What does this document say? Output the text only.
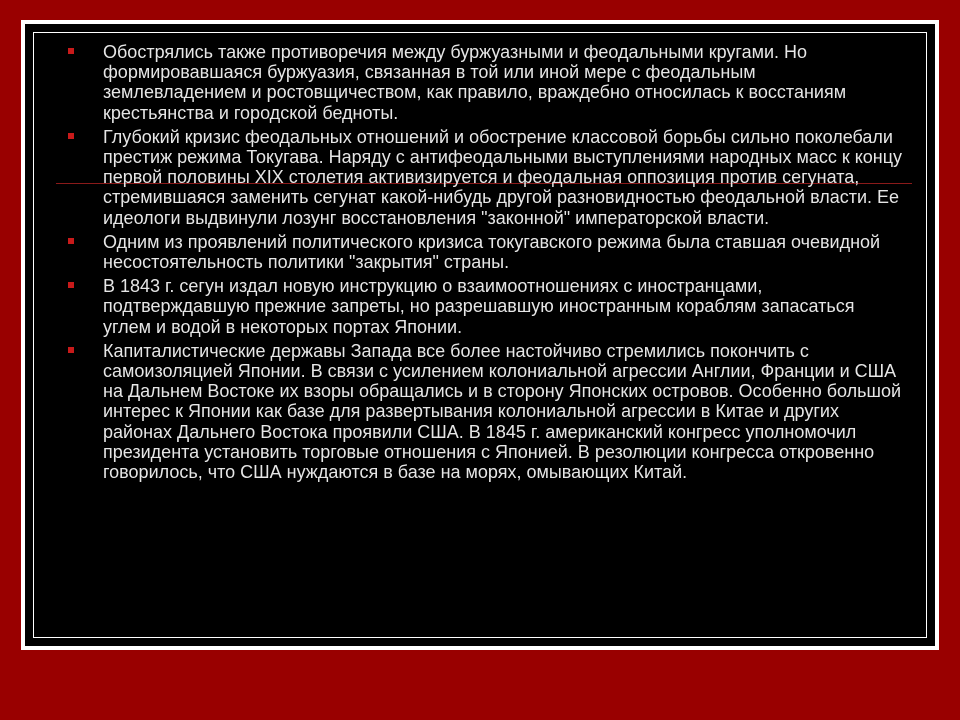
Обострялись также противоречия между буржуазными и феодальными кругами. Но формировавшаяся буржуазия, связанная в той или иной мере с феодальным землевладением и ростовщичеством, как правило, враждебно относилась к восстаниям крестьянства и городской бедноты.
Глубокий кризис феодальных отношений и обострение классовой борьбы сильно поколебали престиж режима Токугава. Наряду с антифеодальными выступлениями народных масс к концу первой половины XIX столетия активизируется и феодальная оппозиция против сегуната, стремившаяся заменить сегунат какой-нибудь другой разновидностью феодальной власти. Ее идеологи выдвинули лозунг восстановления "законной" императорской власти.
Одним из проявлений политического кризиса токугавского режима была ставшая очевидной несостоятельность политики "закрытия" страны.
В 1843 г. сегун издал новую инструкцию о взаимоотношениях с иностранцами, подтверждавшую прежние запреты, но разрешавшую иностранным кораблям запасаться углем и водой в некоторых портах Японии.
Капиталистические державы Запада все более настойчиво стремились покончить с самоизоляцией Японии. В связи с усилением колониальной агрессии Англии, Франции и США на Дальнем Востоке их взоры обращались и в сторону Японских островов. Особенно большой интерес к Японии как базе для развертывания колониальной агрессии в Китае и других районах Дальнего Востока проявили США. В 1845 г. американский конгресс уполномочил президента установить торговые отношения с Японией. В резолюции конгресса откровенно говорилось, что США нуждаются в базе на морях, омывающих Китай.
